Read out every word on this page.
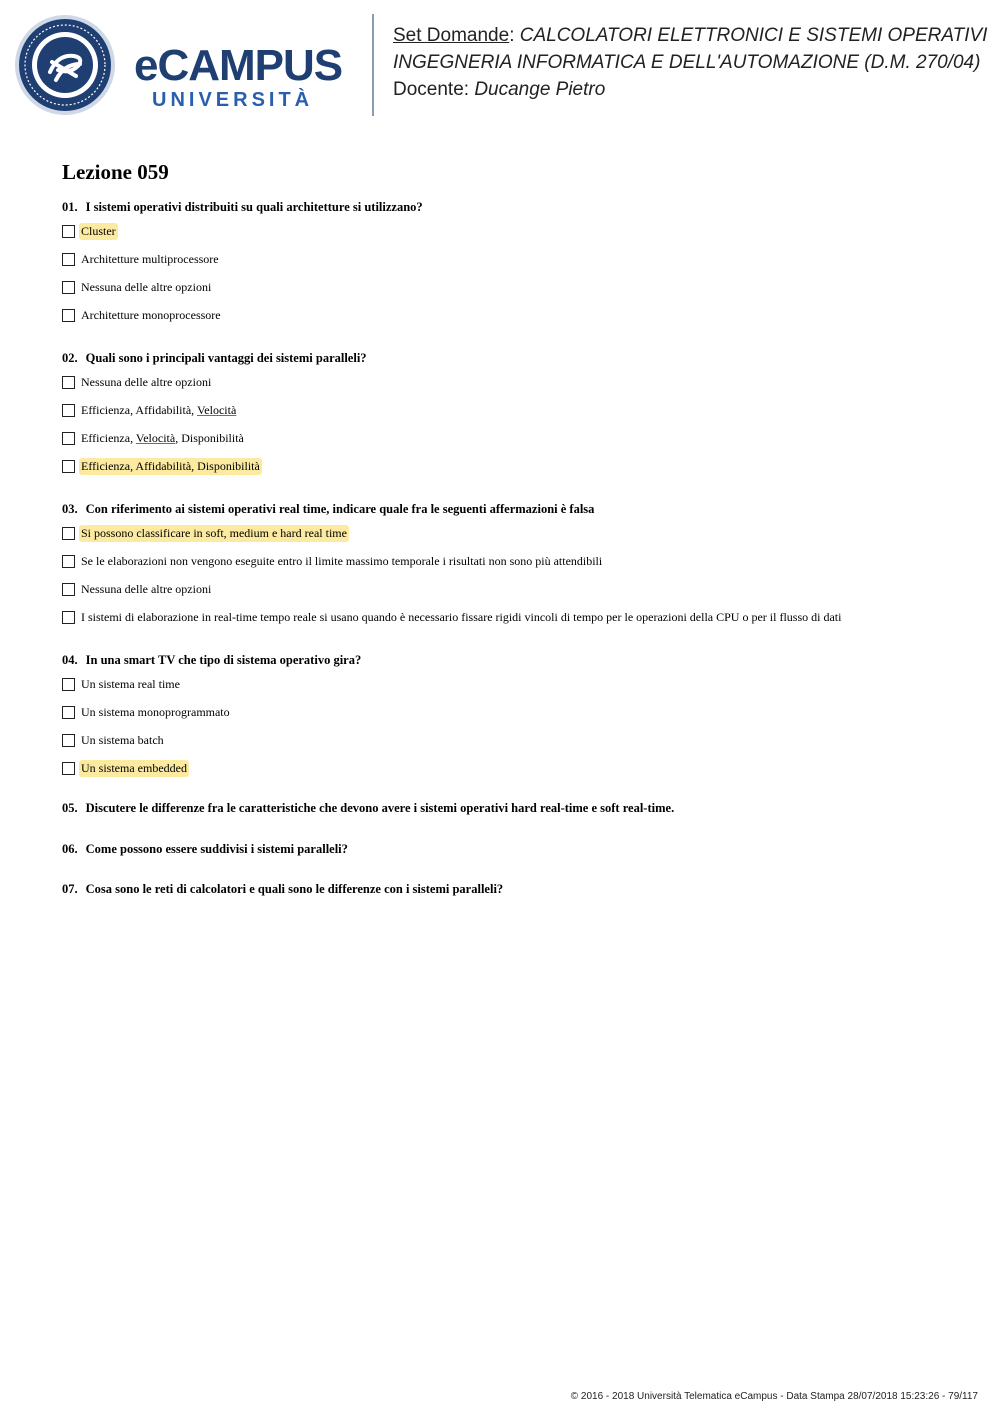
eCAMPUS
UNIVERSITÀ
Set Domande: CALCOLATORI ELETTRONICI E SISTEMI OPERATIVI
INGEGNERIA INFORMATICA E DELL'AUTOMAZIONE (D.M. 270/04)
Docente: Ducange Pietro
Lezione 059
01. I sistemi operativi distribuiti su quali architetture si utilizzano?
Cluster
Architetture multiprocessore
Nessuna delle altre opzioni
Architetture monoprocessore
02. Quali sono i principali vantaggi dei sistemi paralleli?
Nessuna delle altre opzioni
Efficienza, Affidabilità, Velocità
Efficienza, Velocità, Disponibilità
Efficienza, Affidabilità, Disponibilità
03. Con riferimento ai sistemi operativi real time, indicare quale fra le seguenti affermazioni è falsa
Si possono classificare in soft, medium e hard real time
Se le elaborazioni non vengono eseguite entro il limite massimo temporale i risultati non sono più attendibili
Nessuna delle altre opzioni
I sistemi di elaborazione in real-time tempo reale si usano quando è necessario fissare rigidi vincoli di tempo per le operazioni della CPU o per il flusso di dati
04. In una smart TV che tipo di sistema operativo gira?
Un sistema real time
Un sistema monoprogrammato
Un sistema batch
Un sistema embedded
05. Discutere le differenze fra le caratteristiche che devono avere i sistemi operativi hard real-time e soft real-time.
06. Come possono essere suddivisi i sistemi paralleli?
07. Cosa sono le reti di calcolatori e quali sono le differenze con i sistemi paralleli?
© 2016 - 2018 Università Telematica eCampus - Data Stampa 28/07/2018 15:23:26 - 79/117
